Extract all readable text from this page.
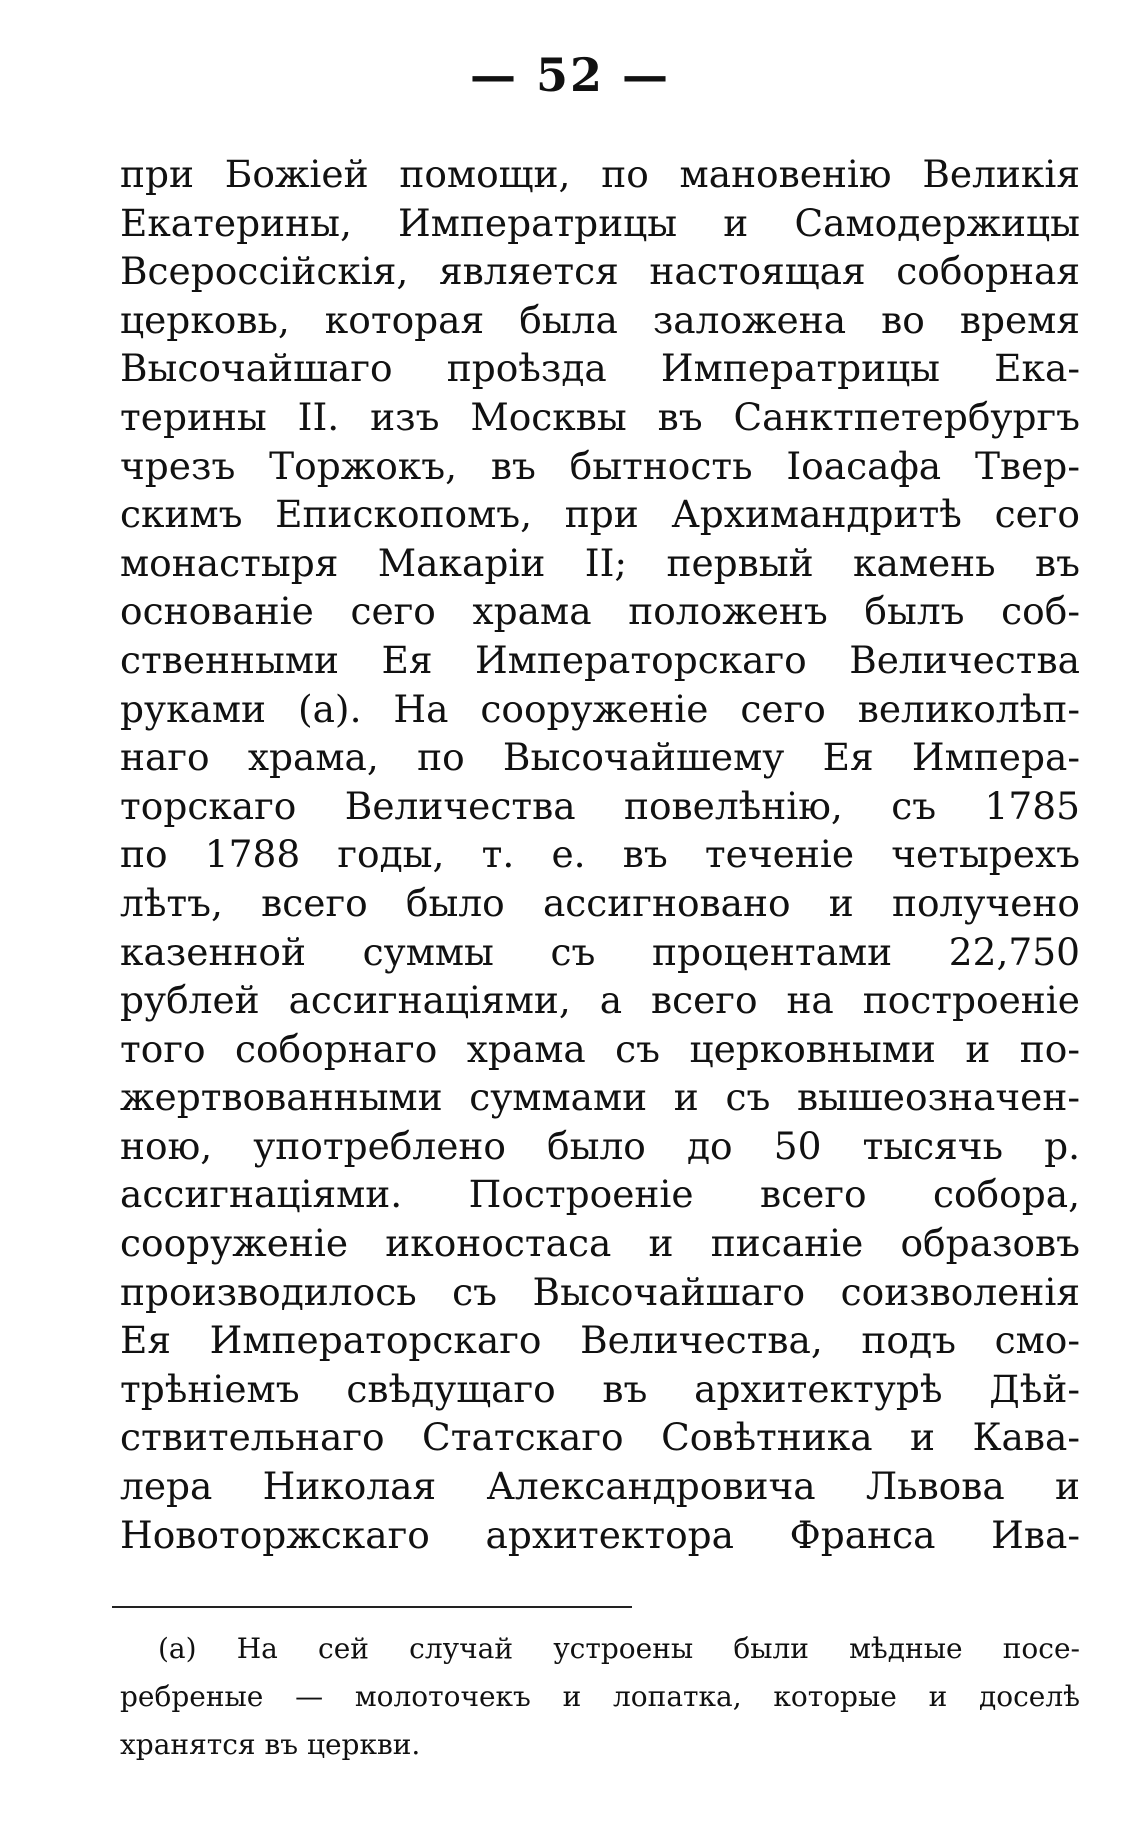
— 52 —
при Божіей помощи, по мановенію Великія
Екатерины, Императрицы и Самодержицы
Всероссійскія, является настоящая соборная
церковь, которая была заложена во время
Высочайшаго проѣзда Императрицы Ека-
терины II. изъ Москвы въ Санктпетербургъ
чрезъ Торжокъ, въ бытность Іоасафа Твер-
скимъ Епископомъ, при Архимандритѣ сего
монастыря Макаріи II; первый камень въ
основаніе сего храма положенъ былъ соб-
ственными Ея Императорскаго Величества
руками (а). На сооруженіе сего великолѣп-
наго храма, по Высочайшему Ея Импера-
торскаго Величества повелѣнію, съ 1785
по 1788 годы, т. е. въ теченіе четырехъ
лѣтъ, всего было ассигновано и получено
казенной суммы съ процентами 22,750
рублей ассигнаціями, а всего на построеніе
того соборнаго храма съ церковными и по-
жертвованными суммами и съ вышеозначен-
ною, употреблено было до 50 тысячь р.
ассигнаціями. Построеніе всего собора,
сооруженіе иконостаса и писаніе образовъ
производилось съ Высочайшаго соизволенія
Ея Императорскаго Величества, подъ смо-
трѣніемъ свѣдущаго въ архитектурѣ Дѣй-
ствительнаго Статскаго Совѣтника и Кава-
лера Николая Александровича Львова и
Новоторжскаго архитектора Франса Ива-
(а) На сей случай устроены были мѣдные посе-
ребреные — молоточекъ и лопатка, которые и доселѣ
хранятся въ церкви.
